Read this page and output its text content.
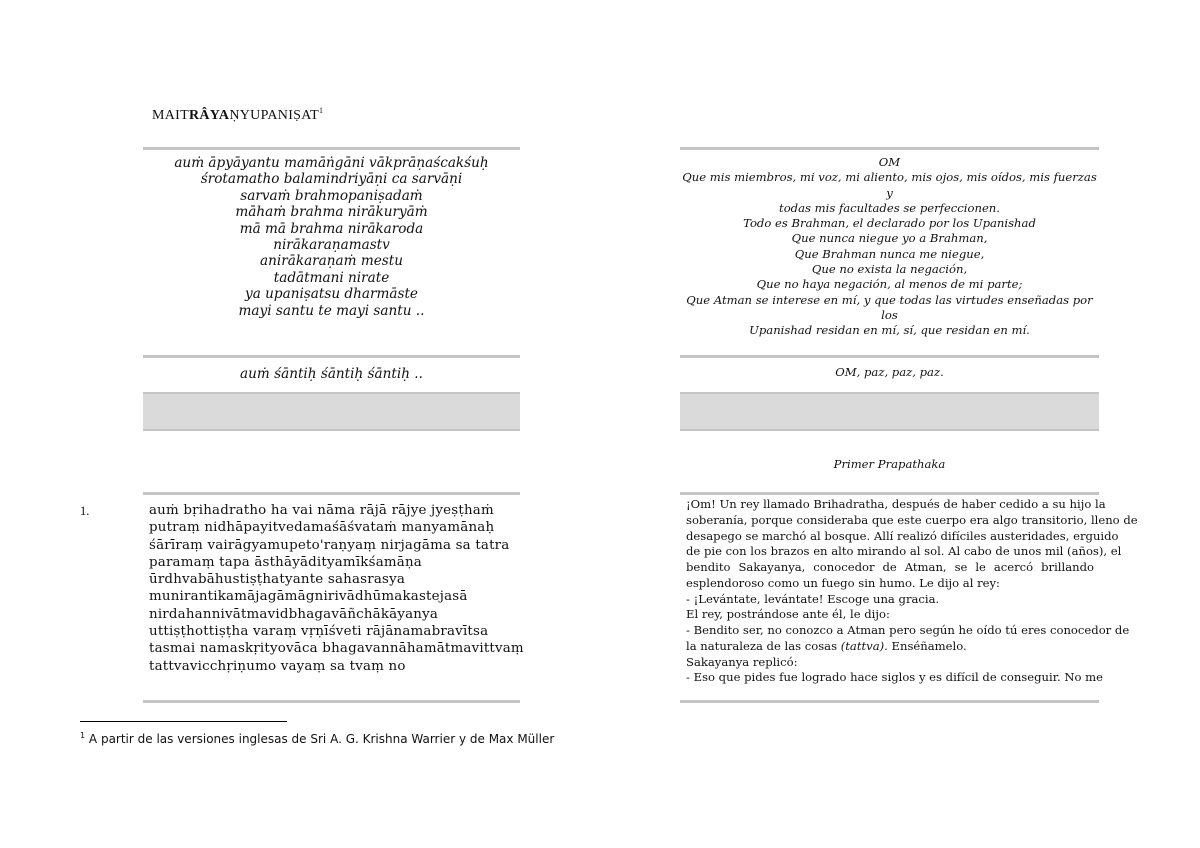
MAITRÂYAṆYUPANIṢAT$^1$
auṁ āpyāyantu mamāṅgāni vākprāṇaścakśuḥ
śrotamatho balamindriyāṇi ca sarvāṇi
sarvaṁ brahmopaniṣadaṁ
māhaṁ brahma nirākuryāṁ
mā mā brahma nirākaroda
nirākaraṇamastv
anirākaraṇaṁ mestu
tadātmani nirate
ya upaniṣatsu dharmāste
mayi santu te mayi santu ..
OM
Que mis miembros, mi voz, mi aliento, mis ojos, mis oídos, mis fuerzas y
todas mis facultades se perfeccionen.
Todo es Brahman, el declarado por los Upanishad
Que nunca niegue yo a Brahman,
Que Brahman nunca me niegue,
Que no exista la negación,
Que no haya negación, al menos de mi parte;
Que Atman se interese en mí, y que todas las virtudes enseñadas por los
Upanishad residan en mí, sí, que residan en mí.
auṁ śāntiḥ śāntiḥ śāntiḥ ..	OM, paz, paz, paz.
Primer Prapathaka
1.	auṁ bṛihadratho ha vai nāma rājā rājye jyeṣṭhaṁ
putraṃ nidhāpayitvedamaśāśvataṁ manyamānaḥ
śārīraṃ vairāgyamupeto'raṇyaṃ nirjagāma sa tatra
paramaṃ tapa āsthāyādityamīkśamāṇa
ūrdhvabāhustiṣṭhatyante sahasrasya
munirantikamājagāmāgnirivādhūmakastejasā
nirdahannivātmavidbhagavāñchākāyanya
uttiṣṭhottiṣṭha varaṃ vṛṇīśveti rājānamabravītsa
tasmai namaskṛityovāca bhagavannāhamātmavittvaṃ
tattvavicchṛiṇumo vayaṃ sa tvaṃ no
¡Om! Un rey llamado Brihadratha, después de haber cedido a su hijo la
soberanía, porque consideraba que este cuerpo era algo transitorio, lleno de
desapego se marchó al bosque. Allí realizó difíciles austeridades, erguido
de pie con los brazos en alto mirando al sol. Al cabo de unos mil (años), el
bendito Sakayanya, conocedor de Atman, se le acercó brillando
esplendoroso como un fuego sin humo. Le dijo al rey:
- ¡Levántate, levántate! Escoge una gracia.
El rey, postrándose ante él, le dijo:
- Bendito ser, no conozco a Atman pero según he oído tú eres conocedor de
la naturaleza de las cosas (tattva). Enséñamelo.
Sakayanya replicó:
- Eso que pides fue logrado hace siglos y es difícil de conseguir. No me
$^1$ A partir de las versiones inglesas de Sri A. G. Krishna Warrier y de Max Müller
